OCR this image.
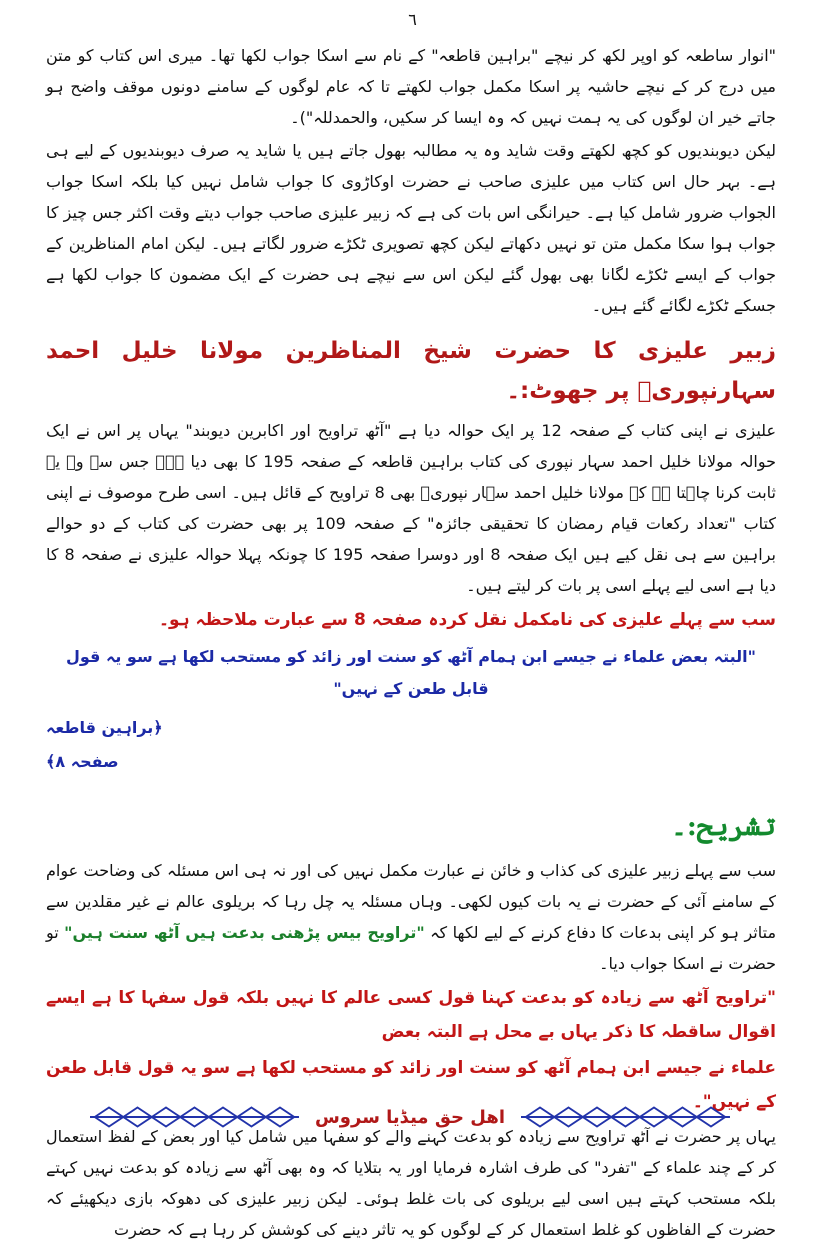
٦

"انوار ساطعہ کو اوپر لکھ کر نیچے "براہین قاطعہ" کے نام سے اسکا جواب لکھا تھا۔ میری اس کتاب کو متن میں درج کر کے نیچے حاشیہ پر اسکا مکمل جواب لکھتے تا کہ عام لوگوں کے سامنے دونوں موقف واضح ہو جاتے خیر ان لوگوں کی یہ ہمت نہیں کہ وہ ایسا کر سکیں، والحمدللہ")۔

لیکن دیوبندیوں کو کچھ لکھتے وقت شاید وہ یہ مطالبہ بھول جاتے ہیں یا شاید یہ صرف دیوبندیوں کے لیے ہی ہے۔ بہر حال اس کتاب میں علیزی صاحب نے حضرت اوکاڑوی کا جواب شامل نہیں کیا بلکہ اسکا جواب الجواب ضرور شامل کیا ہے۔ حیرانگی اس بات کی ہے کہ زبیر علیزی صاحب جواب دیتے وقت اکثر جس چیز کا جواب ہوا سکا مکمل متن تو نہیں دکھاتے لیکن کچھ تصویری ٹکڑے ضرور لگاتے ہیں۔ لیکن امام المناظرین کے جواب کے ایسے ٹکڑے لگانا بھی بھول گئے لیکن اس سے نیچے ہی حضرت کے ایک مضمون کا جواب لکھا ہے جسکے ٹکڑے لگائے گئے ہیں۔

زبیر علیزی کا حضرت شیخ المناظرین مولانا خلیل احمد سہارنپوریؒ پر جھوٹ:۔

علیزی نے اپنی کتاب کے صفحہ 12 پر ایک حوالہ دیا ہے "آٹھ تراویح اور اکابرین دیوبند" یہاں پر اس نے ایک حوالہ مولانا خلیل احمد سہار نپوری کی کتاب براہین قاطعہ کے صفحہ 195 کا بھی دیا ہے۔ جس سے وہ یہ ثابت کرنا چاہتا ہے کہ مولانا خلیل احمد سہار نپوریؒ بھی 8 تراویح کے قائل ہیں۔ اسی طرح موصوف نے اپنی کتاب "تعداد رکعات قیام رمضان کا تحقیقی جائزہ" کے صفحہ 109 پر بھی حضرت کی کتاب کے دو حوالے براہین سے ہی نقل کیے ہیں ایک صفحہ 8 اور دوسرا صفحہ 195 کا چونکہ پہلا حوالہ علیزی نے صفحہ 8 کا دیا ہے اسی لیے پہلے اسی پر بات کر لیتے ہیں۔

سب سے پہلے علیزی کی نامکمل نقل کردہ صفحہ 8 سے عبارت ملاحظہ ہو۔
"البتہ بعض علماء نے جیسے ابن ہمام آٹھ کو سنت اور زائد کو مستحب لکھا ہے سو یہ قول قابل طعن کے نہیں"
﴿براہین قاطعہ صفحہ ۸﴾
تشریح:۔

سب سے پہلے زبیر علیزی کی کذاب و خائن نے عبارت مکمل نہیں کی اور نہ ہی اس مسئلہ کی وضاحت عوام کے سامنے آئی کے حضرت نے یہ بات کیوں لکھی۔ وہاں مسئلہ یہ چل رہا کہ بریلوی عالم نے غیر مقلدین سے متاثر ہو کر اپنی بدعات کا دفاع کرنے کے لیے لکھا کہ "تراویح بیس پڑھنی بدعت ہیں آٹھ سنت ہیں" تو حضرت نے اسکا جواب دیا۔

"تراویح آٹھ سے زیادہ کو بدعت کہنا قول کسی عالم کا نہیں بلکہ قول سفہا کا ہے ایسے اقوال ساقطہ کا ذکر یہاں بے محل ہے البتہ بعض
علماء نے جیسے ابن ہمام آٹھ کو سنت اور زائد کو مستحب لکھا ہے سو یہ قول قابل طعن کے نہیں"۔

یہاں پر حضرت نے آٹھ تراویح سے زیادہ کو بدعت کہنے والے کو سفہا میں شامل کیا اور بعض کے لفظ استعمال کر کے چند علماء کے "تفرد" کی طرف اشارہ فرمایا اور یہ بتلایا کہ وہ بھی آٹھ سے زیادہ کو بدعت نہیں کہتے بلکہ مستحب کہتے ہیں اسی لیے بریلوی کی بات غلط ہوئی۔ لیکن زبیر علیزی کی دھوکہ بازی دیکھیئے کہ حضرت کے الفاظوں کو غلط استعمال کر کے لوگوں کو یہ تاثر دینے کی کوشش کر رہا ہے کہ حضرت

اهل حق میڈیا سروس
